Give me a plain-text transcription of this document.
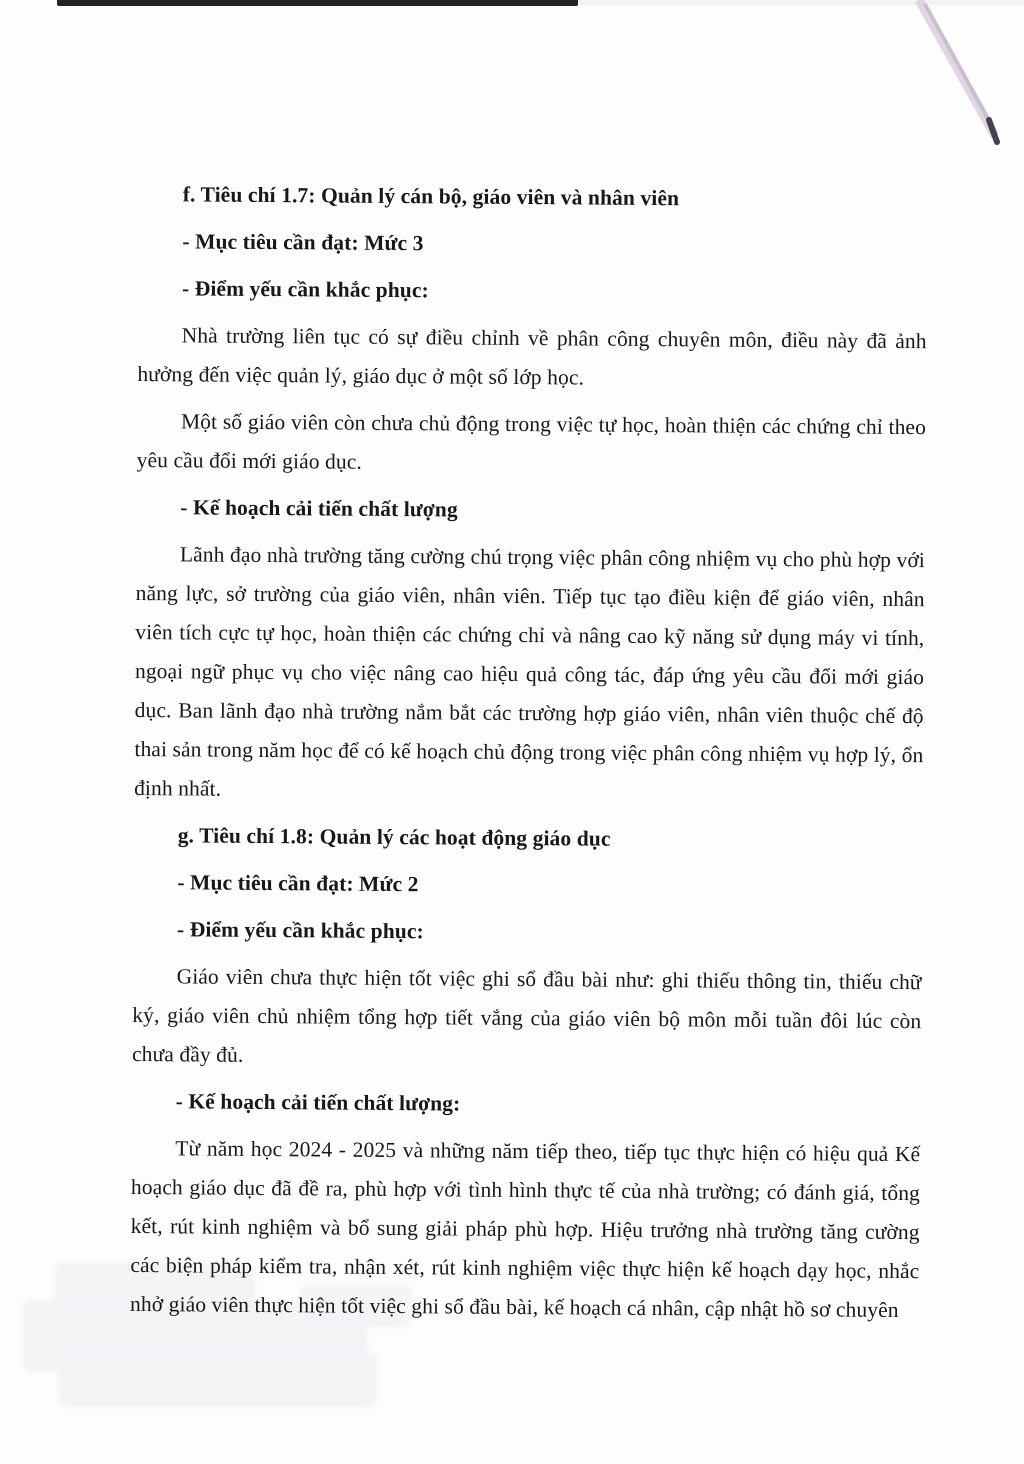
f. Tiêu chí 1.7: Quản lý cán bộ, giáo viên và nhân viên

- Mục tiêu cần đạt: Mức 3

- Điểm yếu cần khắc phục:

Nhà trường liên tục có sự điều chỉnh về phân công chuyên môn, điều này đã ảnh hưởng đến việc quản lý, giáo dục ở một số lớp học.

Một số giáo viên còn chưa chủ động trong việc tự học, hoàn thiện các chứng chỉ theo yêu cầu đổi mới giáo dục.

- Kế hoạch cải tiến chất lượng

Lãnh đạo nhà trường tăng cường chú trọng việc phân công nhiệm vụ cho phù hợp với năng lực, sở trường của giáo viên, nhân viên. Tiếp tục tạo điều kiện để giáo viên, nhân viên tích cực tự học, hoàn thiện các chứng chỉ và nâng cao kỹ năng sử dụng máy vi tính, ngoại ngữ phục vụ cho việc nâng cao hiệu quả công tác, đáp ứng yêu cầu đổi mới giáo dục. Ban lãnh đạo nhà trường nắm bắt các trường hợp giáo viên, nhân viên thuộc chế độ thai sản trong năm học để có kế hoạch chủ động trong việc phân công nhiệm vụ hợp lý, ổn định nhất.

g. Tiêu chí 1.8: Quản lý các hoạt động giáo dục

- Mục tiêu cần đạt: Mức 2

- Điểm yếu cần khắc phục:

Giáo viên chưa thực hiện tốt việc ghi sổ đầu bài như: ghi thiếu thông tin, thiếu chữ ký, giáo viên chủ nhiệm tổng hợp tiết vắng của giáo viên bộ môn mỗi tuần đôi lúc còn chưa đầy đủ.

- Kế hoạch cải tiến chất lượng:

Từ năm học 2024 - 2025 và những năm tiếp theo, tiếp tục thực hiện có hiệu quả Kế hoạch giáo dục đã đề ra, phù hợp với tình hình thực tế của nhà trường; có đánh giá, tổng kết, rút kinh nghiệm và bổ sung giải pháp phù hợp. Hiệu trưởng nhà trường tăng cường các biện pháp kiểm tra, nhận xét, rút kinh nghiệm việc thực hiện kế hoạch dạy học, nhắc nhở giáo viên thực hiện tốt việc ghi sổ đầu bài, kế hoạch cá nhân, cập nhật hồ sơ chuyên
